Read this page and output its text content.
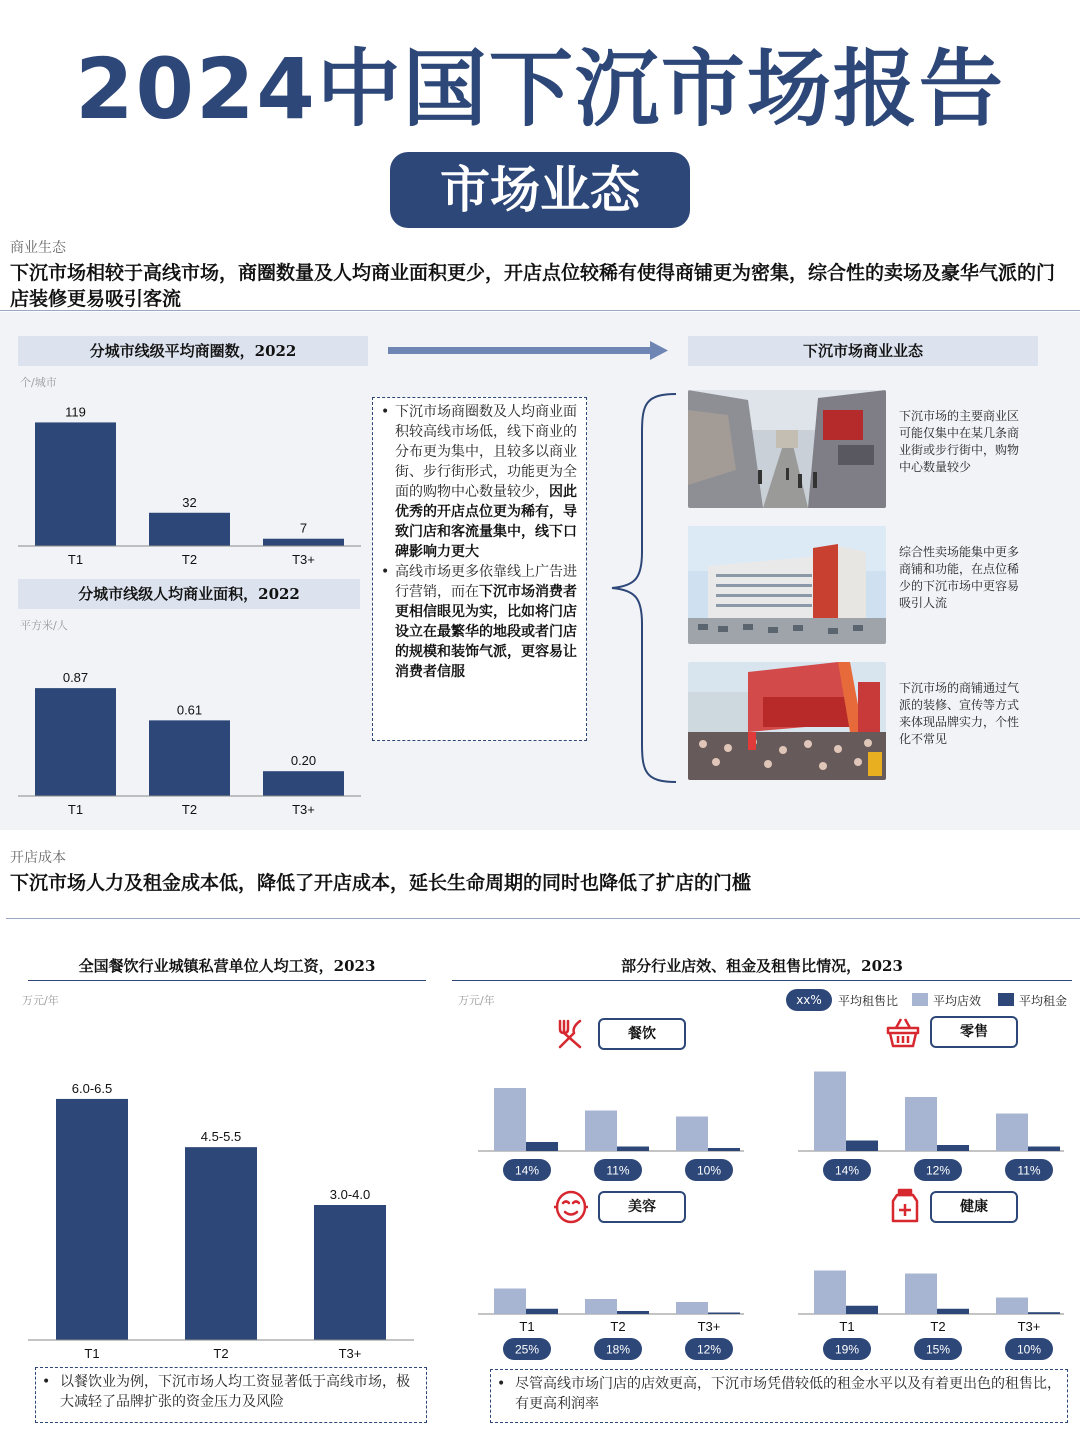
2024中国下沉市场报告
市场业态
商业生态
下沉市场相较于高线市场，商圈数量及人均商业面积更少，开店点位较稀有使得商铺更为密集，综合性的卖场及豪华气派的门店装修更易吸引客流
分城市线级平均商圈数，2022
个/城市
119
T1
32
T2
7
T3+
分城市线级人均商业面积，2022
平方米/人
0.87
T1
0.61
T2
0.20
T3+
• 下沉市场商圈数及人均商业面积较高线市场低，线下商业的分布更为集中，且较多以商业街、步行街形式，功能更为全面的购物中心数量较少，因此优秀的开店点位更为稀有，导致门店和客流量集中，线下口碑影响力更大
• 高线市场更多依靠线上广告进行营销，而在下沉市场消费者更相信眼见为实，比如将门店设立在最繁华的地段或者门店的规模和装饰气派，更容易让消费者信服
下沉市场商业业态
下沉市场的主要商业区可能仅集中在某几条商业街或步行街中，购物中心数量较少
综合性卖场能集中更多商铺和功能，在点位稀少的下沉市场中更容易吸引人流
下沉市场的商铺通过气派的装修、宣传等方式来体现品牌实力，个性化不常见
开店成本
下沉市场人力及租金成本低，降低了开店成本，延长生命周期的同时也降低了扩店的门槛
全国餐饮行业城镇私营单位人均工资，2023
万元/年
6.0-6.5
T1
4.5-5.5
T2
3.0-4.0
T3+
• 以餐饮业为例，下沉市场人均工资显著低于高线市场，极大减轻了品牌扩张的资金压力及风险
部分行业店效、租金及租售比情况，2023
万元/年	xx%	平均租售比	平均店效	平均租金
餐饮	零售
美容	健康
14%	11%	10%	14%	12%	11%
T1
25%
T2
18%
T3+
12%
T1
19%
T2
15%
T3+
10%
• 尽管高线市场门店的店效更高，下沉市场凭借较低的租金水平以及有着更出色的租售比，有更高利润率
